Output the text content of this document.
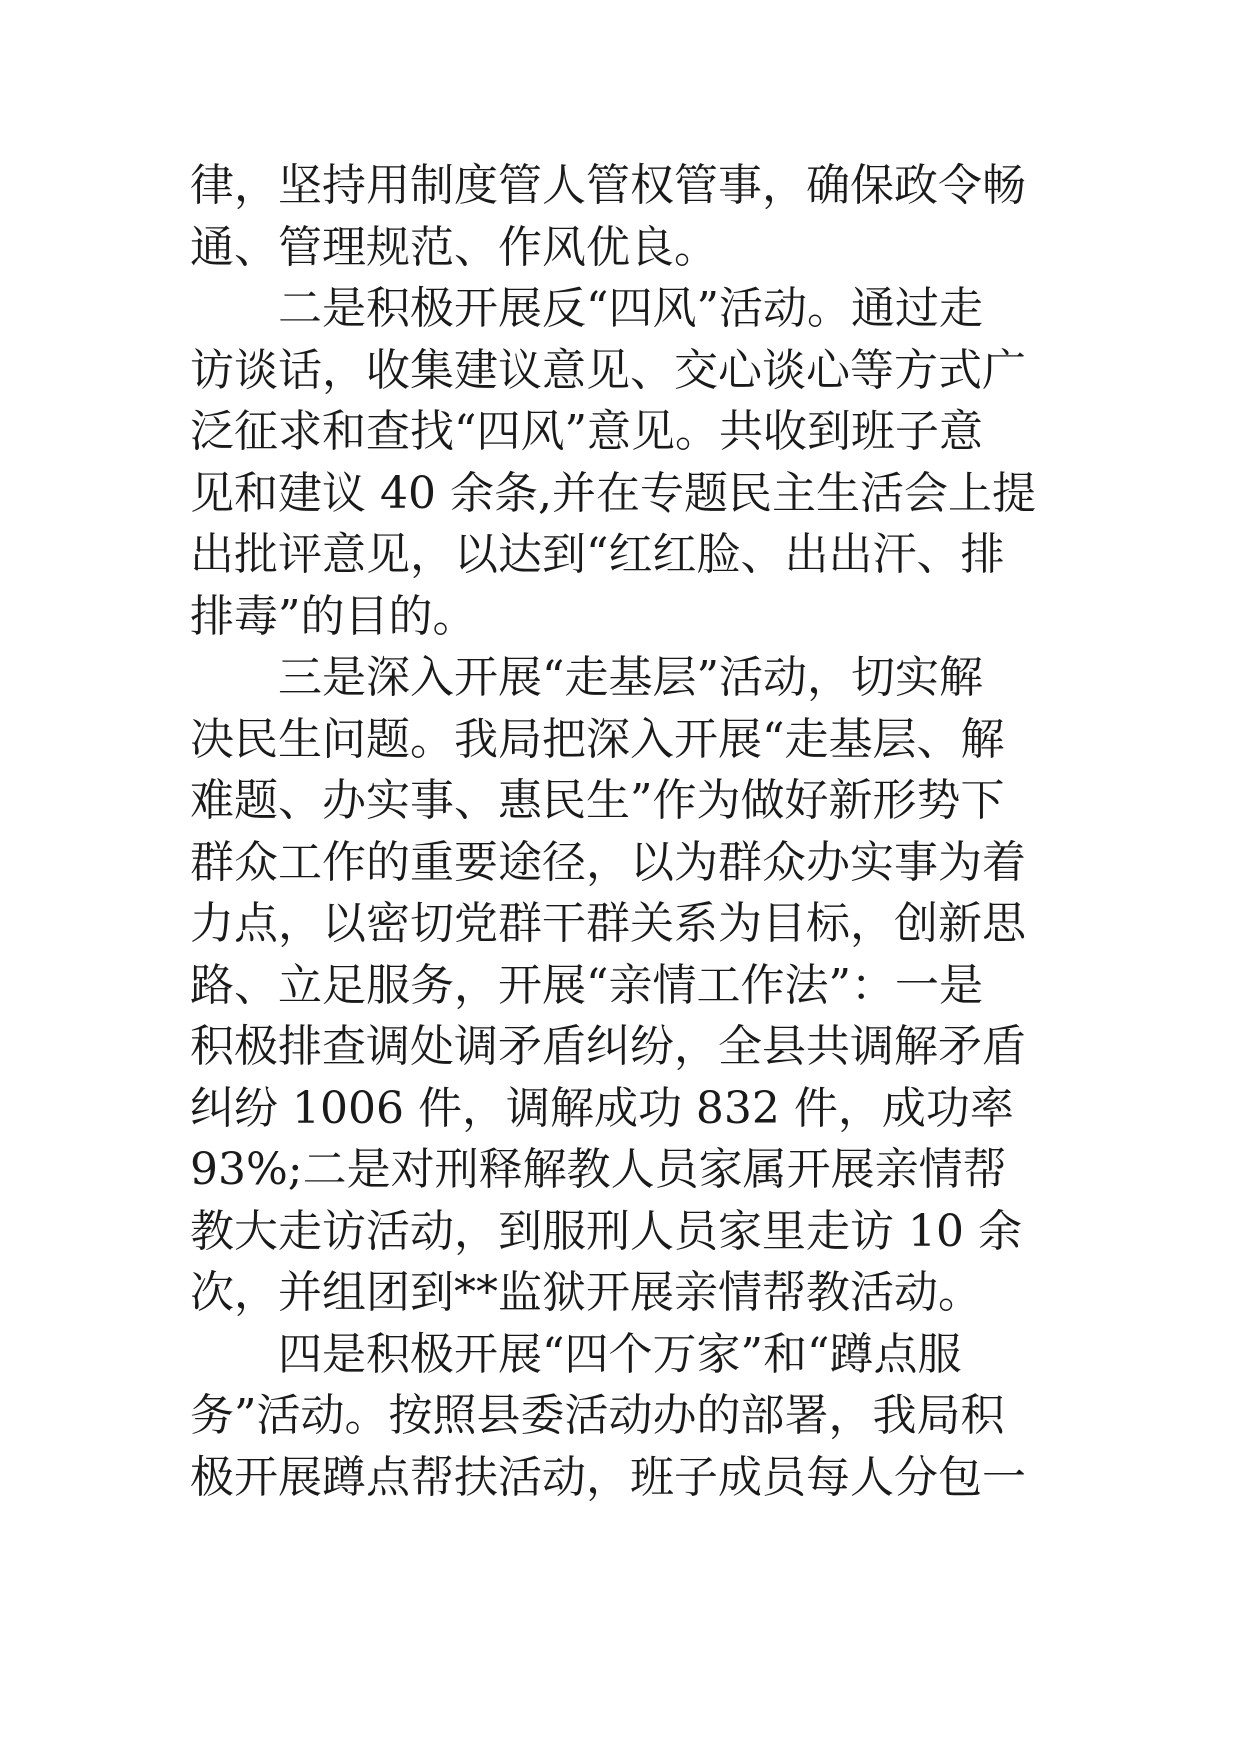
律，坚持用制度管人管权管事，确保政令畅
通、管理规范、作风优良。
二是积极开展反“四风”活动。通过走
访谈话，收集建议意见、交心谈心等方式广
泛征求和查找“四风”意见。共收到班子意
见和建议 40 余条,并在专题民主生活会上提
出批评意见，以达到“红红脸、出出汗、排
排毒”的目的。
三是深入开展“走基层”活动，切实解
决民生问题。我局把深入开展“走基层、解
难题、办实事、惠民生”作为做好新形势下
群众工作的重要途径，以为群众办实事为着
力点，以密切党群干群关系为目标，创新思
路、立足服务，开展“亲情工作法”：一是
积极排查调处调矛盾纠纷，全县共调解矛盾
纠纷 1006 件，调解成功 832 件，成功率
93%;二是对刑释解教人员家属开展亲情帮
教大走访活动，到服刑人员家里走访 10 余
次，并组团到**监狱开展亲情帮教活动。
四是积极开展“四个万家”和“蹲点服
务”活动。按照县委活动办的部署，我局积
极开展蹲点帮扶活动，班子成员每人分包一
